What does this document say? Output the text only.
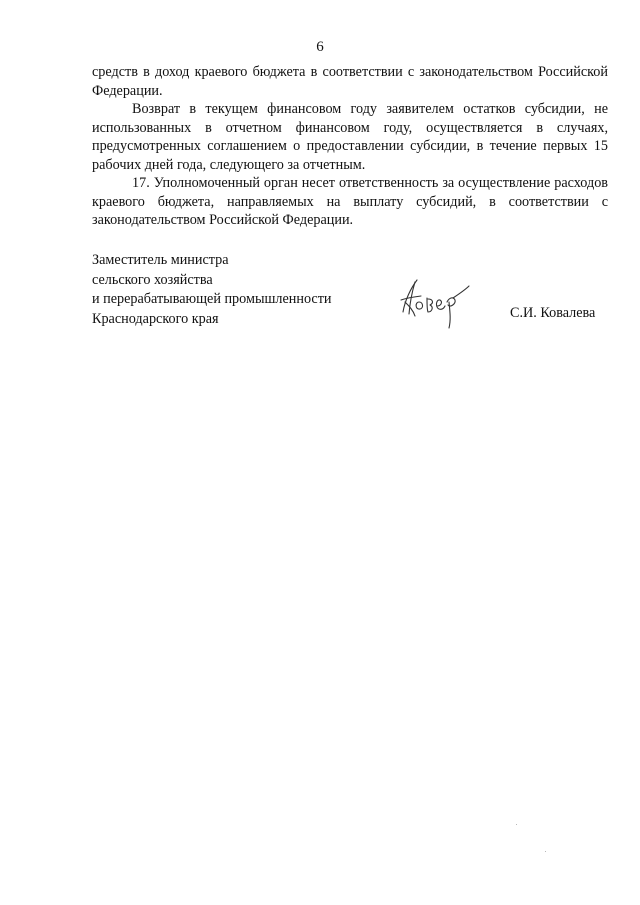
6

средств в доход краевого бюджета в соответствии с законодательством Российской Федерации.

Возврат в текущем финансовом году заявителем остатков субсидии, не использованных в отчетном финансовом году, осуществляется в случаях, предусмотренных соглашением о предоставлении субсидии, в течение первых 15 рабочих дней года, следующего за отчетным.

17. Уполномоченный орган несет ответственность за осуществление расходов краевого бюджета, направляемых на выплату субсидий, в соответствии с законодательством Российской Федерации.

Заместитель министра
сельского хозяйства
и перерабатывающей промышленности
Краснодарского края	С.И. Ковалева
